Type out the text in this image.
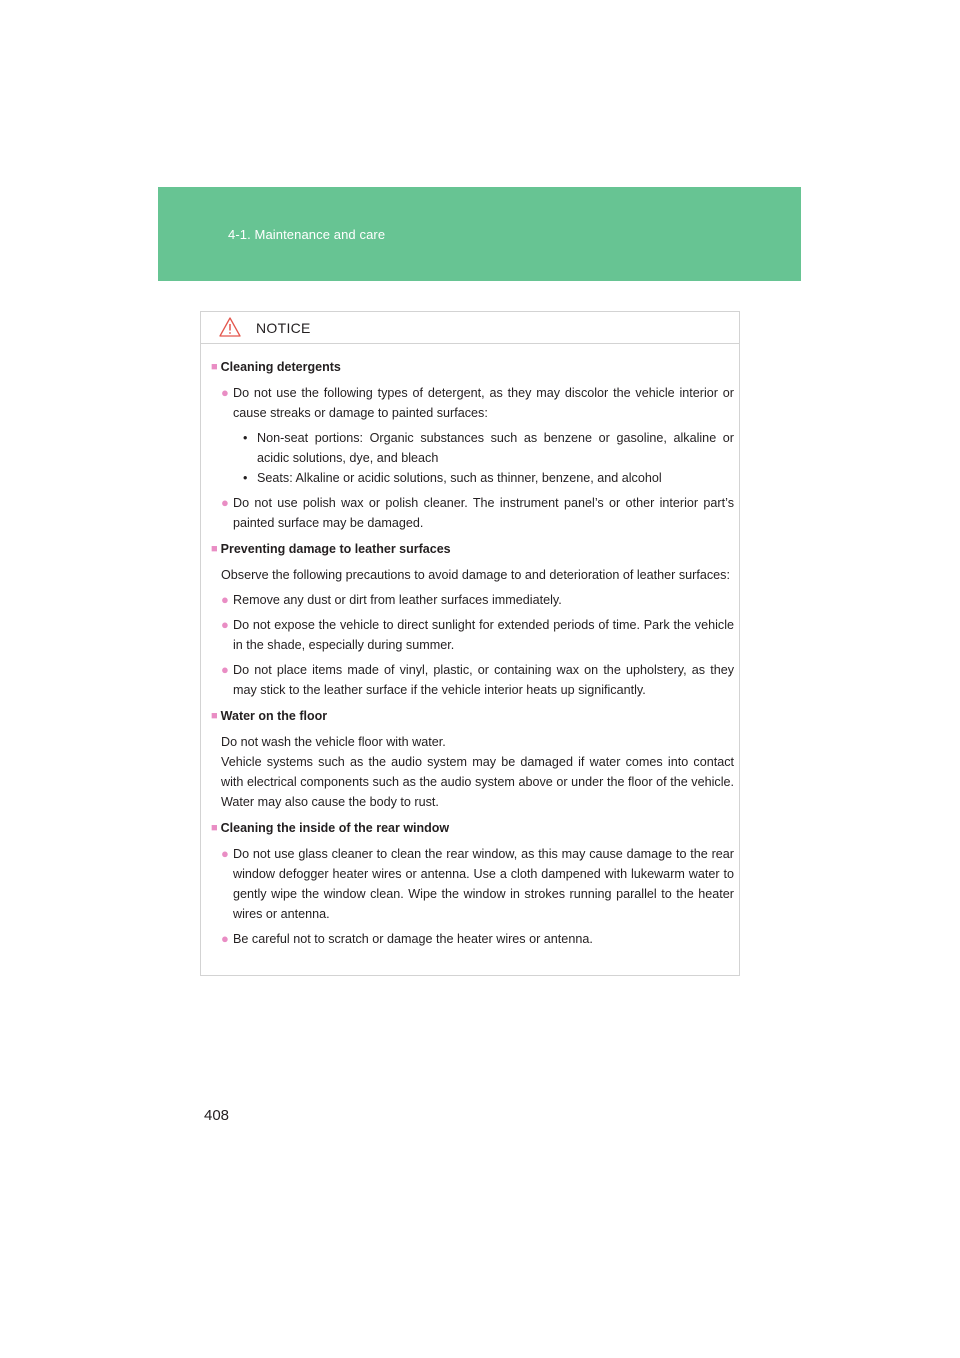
4-1. Maintenance and care
NOTICE
■ Cleaning detergents
● Do not use the following types of detergent, as they may discolor the vehicle interior or cause streaks or damage to painted surfaces:
• Non-seat portions: Organic substances such as benzene or gasoline, alkaline or acidic solutions, dye, and bleach
• Seats: Alkaline or acidic solutions, such as thinner, benzene, and alcohol
● Do not use polish wax or polish cleaner. The instrument panel’s or other interior part’s painted surface may be damaged.
■ Preventing damage to leather surfaces
Observe the following precautions to avoid damage to and deterioration of leather surfaces:
● Remove any dust or dirt from leather surfaces immediately.
● Do not expose the vehicle to direct sunlight for extended periods of time. Park the vehicle in the shade, especially during summer.
● Do not place items made of vinyl, plastic, or containing wax on the upholstery, as they may stick to the leather surface if the vehicle interior heats up significantly.
■ Water on the floor
Do not wash the vehicle floor with water.
Vehicle systems such as the audio system may be damaged if water comes into contact with electrical components such as the audio system above or under the floor of the vehicle. Water may also cause the body to rust.
■ Cleaning the inside of the rear window
● Do not use glass cleaner to clean the rear window, as this may cause damage to the rear window defogger heater wires or antenna. Use a cloth dampened with lukewarm water to gently wipe the window clean. Wipe the window in strokes running parallel to the heater wires or antenna.
● Be careful not to scratch or damage the heater wires or antenna.
408
